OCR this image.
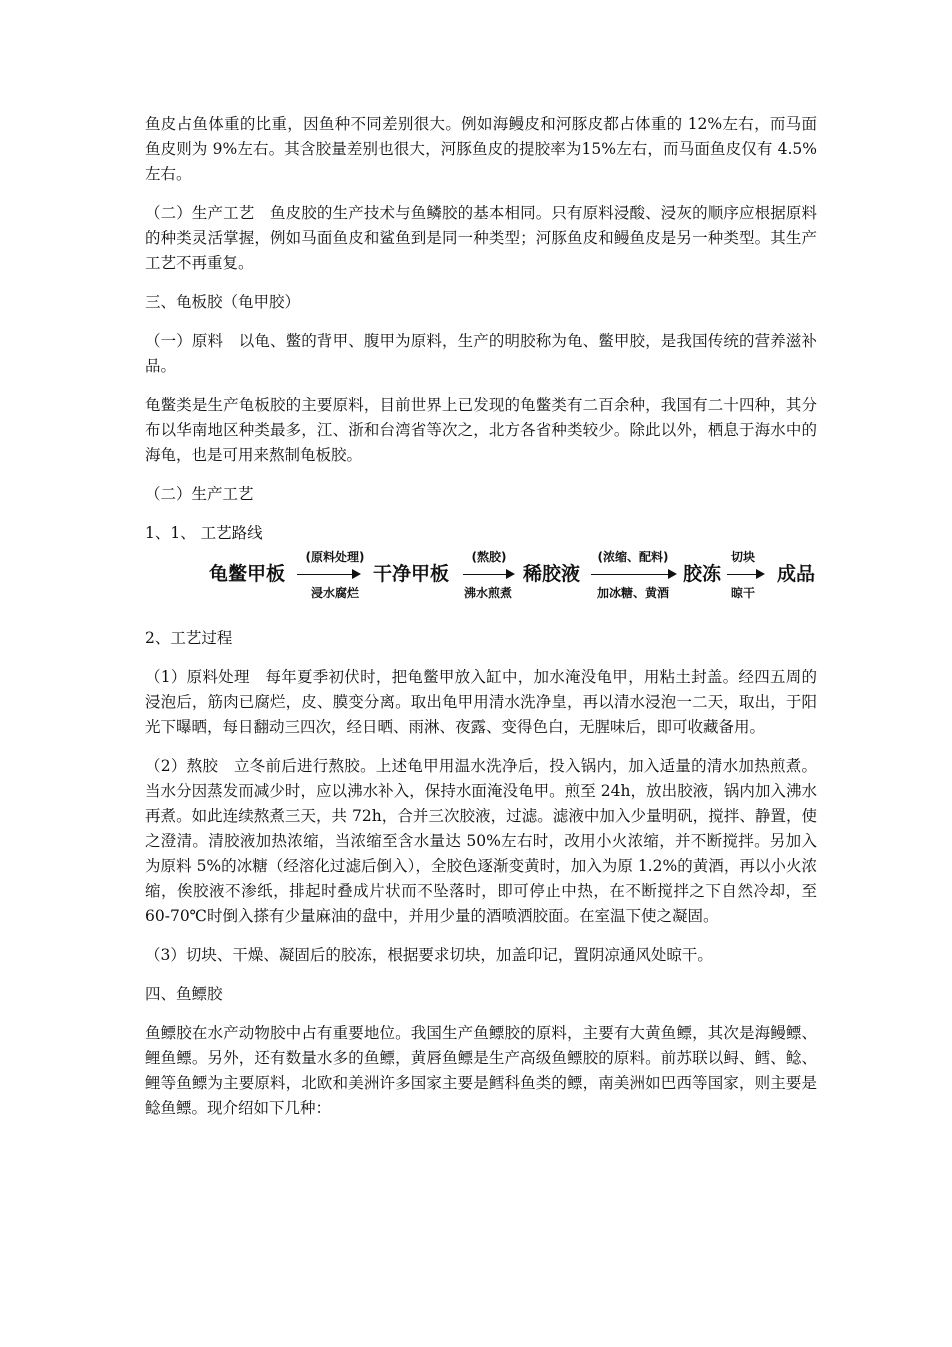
鱼皮占鱼体重的比重，因鱼种不同差别很大。例如海鳗皮和河豚皮都占体重的 12%左右，而马面鱼皮则为 9%左右。其含胶量差别也很大，河豚鱼皮的提胶率为15%左右，而马面鱼皮仅有 4.5%左右。

（二）生产工艺　鱼皮胶的生产技术与鱼鳞胶的基本相同。只有原料浸酸、浸灰的顺序应根据原料的种类灵活掌握，例如马面鱼皮和鲨鱼到是同一种类型；河豚鱼皮和鳗鱼皮是另一种类型。其生产工艺不再重复。

三、龟板胶（龟甲胶）

（一）原料　以龟、鳖的背甲、腹甲为原料，生产的明胶称为龟、鳖甲胶，是我国传统的营养滋补品。

龟鳖类是生产龟板胶的主要原料，目前世界上已发现的龟鳖类有二百余种，我国有二十四种，其分布以华南地区种类最多，江、浙和台湾省等次之，北方各省种类较少。除此以外，栖息于海水中的海龟，也是可用来熬制龟板胶。

（二）生产工艺

1、1、 工艺路线

龟鳖甲板
(原料处理)
浸水腐烂
干净甲板
(熬胶)
沸水煎煮
稀胶液
(浓缩、配料)
加冰糖、黄酒
胶冻
切块
晾干
成品

2、工艺过程

（1）原料处理　每年夏季初伏时，把龟鳖甲放入缸中，加水淹没龟甲，用粘土封盖。经四五周的浸泡后，筋肉已腐烂，皮、膜变分离。取出龟甲用清水洗净皇，再以清水浸泡一二天，取出，于阳光下曝晒，每日翻动三四次，经日晒、雨淋、夜露、变得色白，无腥味后，即可收藏备用。

（2）熬胶　立冬前后进行熬胶。上述龟甲用温水洗净后，投入锅内，加入适量的清水加热煎煮。当水分因蒸发而减少时，应以沸水补入，保持水面淹没龟甲。煎至 24h，放出胶液，锅内加入沸水再煮。如此连续熬煮三天，共 72h，合并三次胶液，过滤。滤液中加入少量明矾，搅拌、静置，使之澄清。清胶液加热浓缩，当浓缩至含水量达 50%左右时，改用小火浓缩，并不断搅拌。另加入为原料 5%的冰糖（经溶化过滤后倒入），全胶色逐渐变黄时，加入为原 1.2%的黄酒，再以小火浓缩，俟胶液不渗纸，排起时叠成片状而不坠落时，即可停止中热，在不断搅拌之下自然冷却，至 60-70℃时倒入搽有少量麻油的盘中，并用少量的酒喷洒胶面。在室温下使之凝固。

（3）切块、干燥、凝固后的胶冻，根据要求切块，加盖印记，置阴凉通风处晾干。

四、鱼鳔胶

鱼鳔胶在水产动物胶中占有重要地位。我国生产鱼鳔胶的原料，主要有大黄鱼鳔，其次是海鳗鳔、鲤鱼鳔。另外，还有数量水多的鱼鳔，黄唇鱼鳔是生产高级鱼鳔胶的原料。前苏联以鲟、鳕、鲶、鲤等鱼鳔为主要原料，北欧和美洲许多国家主要是鳕科鱼类的鳔，南美洲如巴西等国家，则主要是鲶鱼鳔。现介绍如下几种：
